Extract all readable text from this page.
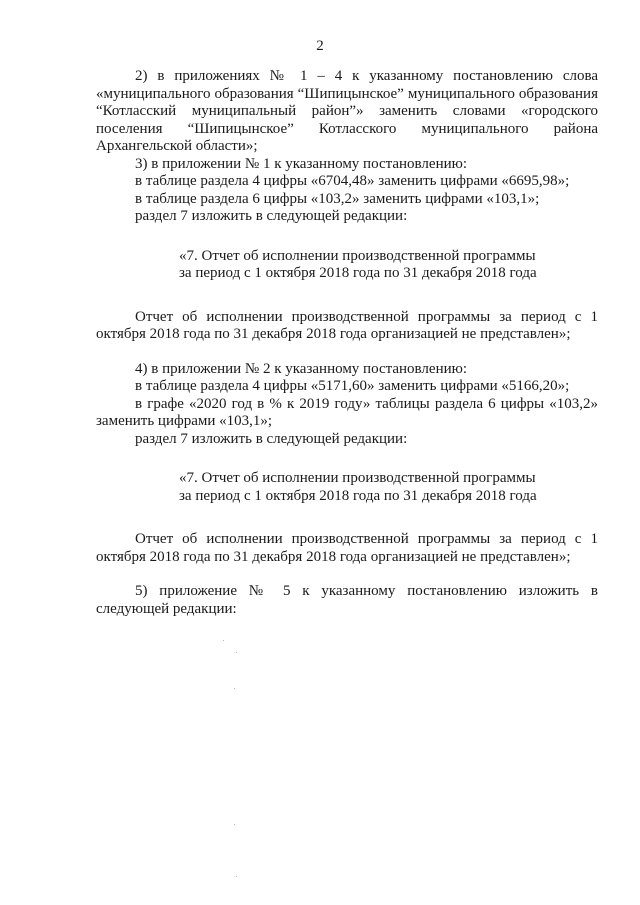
2

2) в приложениях № 1 – 4 к указанному постановлению слова «муниципального образования “Шипицынское” муниципального образования “Котласский муниципальный район”» заменить словами «городского поселения “Шипицынское” Котласского муниципального района Архангельской области»;

3) в приложении № 1 к указанному постановлению:

в таблице раздела 4 цифры «6704,48» заменить цифрами «6695,98»;

в таблице раздела 6 цифры «103,2» заменить цифрами «103,1»;

раздел 7 изложить в следующей редакции:

«7. Отчет об исполнении производственной программы
за период с 1 октября 2018 года по 31 декабря 2018 года

Отчет об исполнении производственной программы за период с 1 октября 2018 года по 31 декабря 2018 года организацией не представлен»;

4) в приложении № 2 к указанному постановлению:

в таблице раздела 4 цифры «5171,60» заменить цифрами «5166,20»;

в графе «2020 год в % к 2019 году» таблицы раздела 6 цифры «103,2» заменить цифрами «103,1»;

раздел 7 изложить в следующей редакции:

«7. Отчет об исполнении производственной программы
за период с 1 октября 2018 года по 31 декабря 2018 года

Отчет об исполнении производственной программы за период с 1 октября 2018 года по 31 декабря 2018 года организацией не представлен»;

5) приложение № 5 к указанному постановлению изложить в следующей редакции:
